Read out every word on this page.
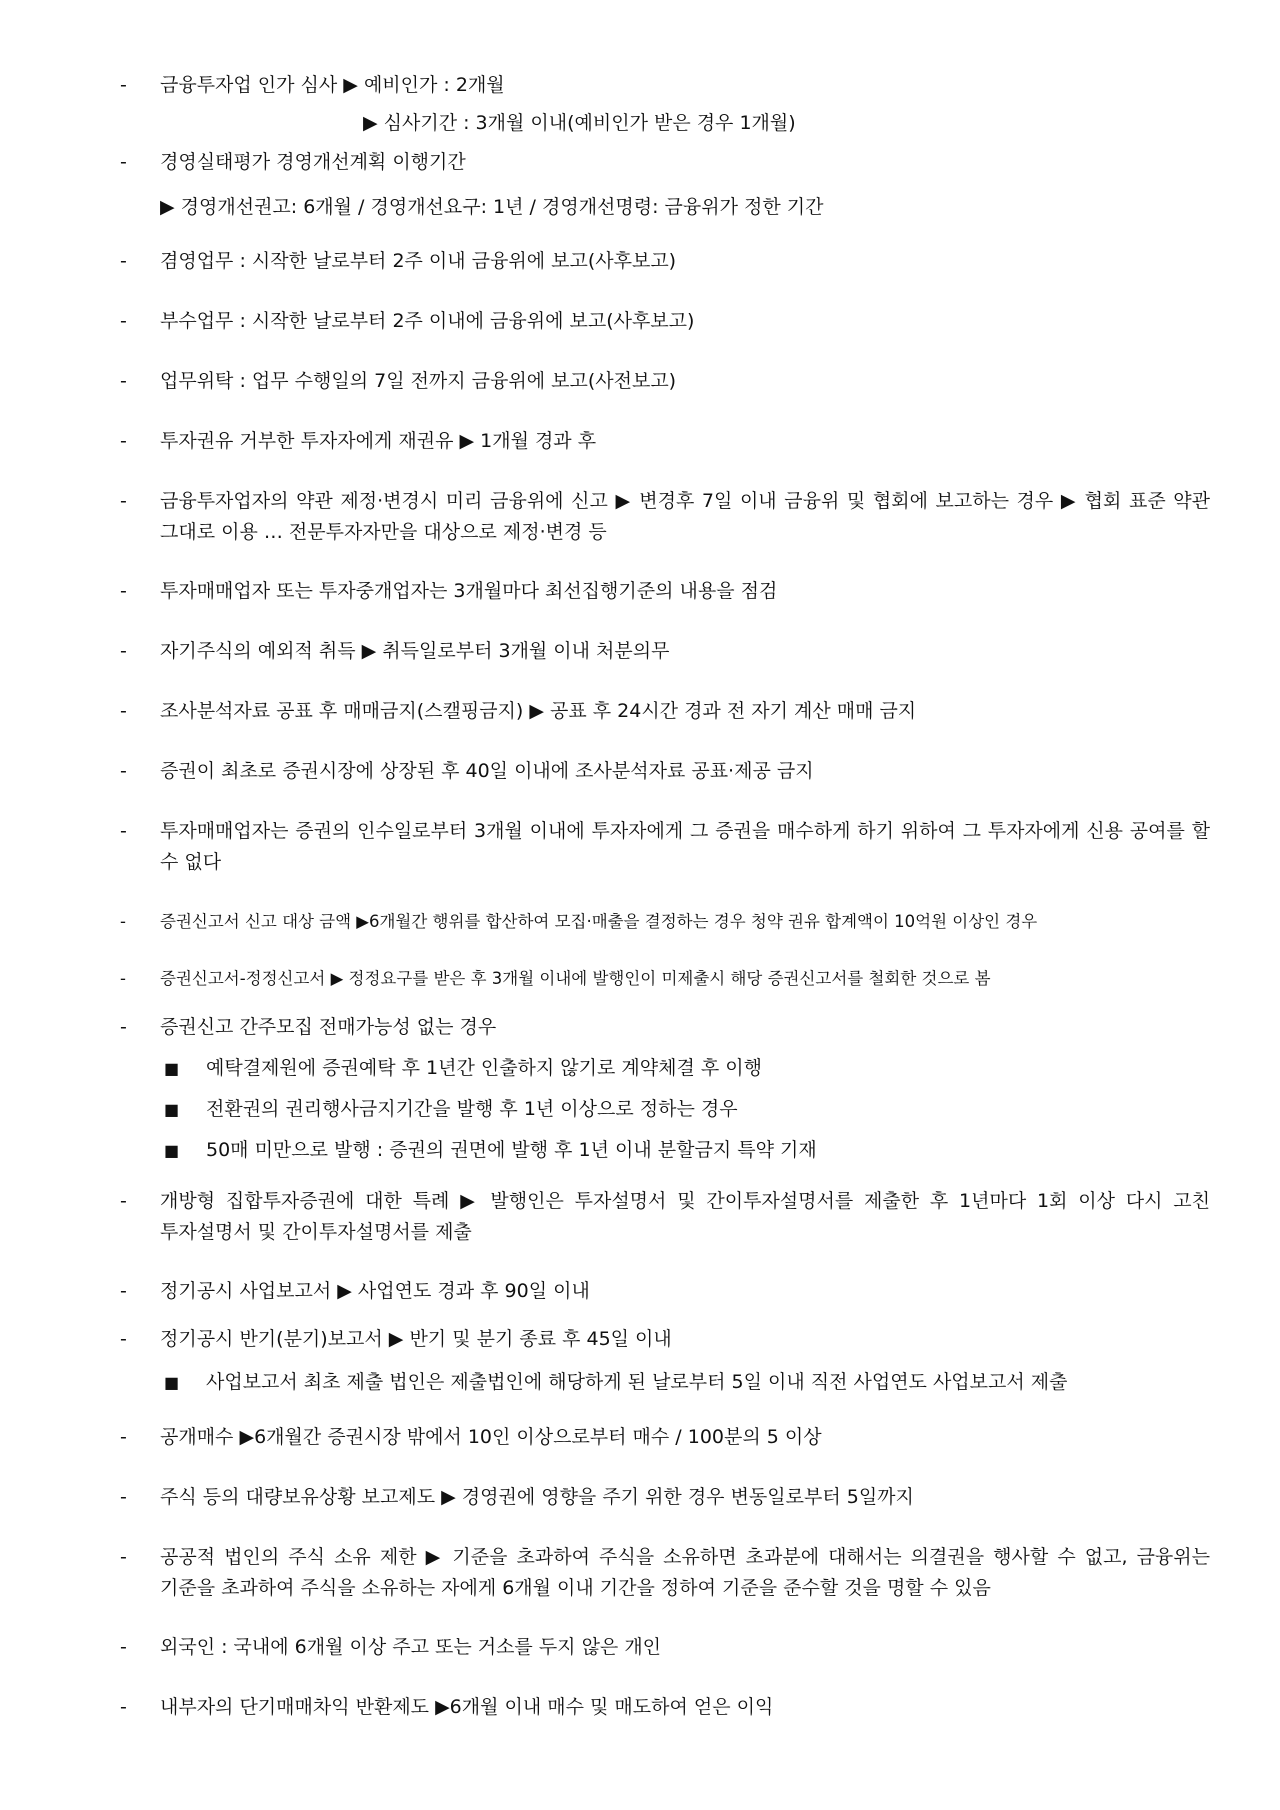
-	금융투자업 인가 심사 ▶ 예비인가 : 2개월
▶ 심사기간 : 3개월 이내(예비인가 받은 경우 1개월)
-	경영실태평가 경영개선계획 이행기간
▶ 경영개선권고: 6개월 / 경영개선요구: 1년 / 경영개선명령: 금융위가 정한 기간
-	겸영업무 : 시작한 날로부터 2주 이내 금융위에 보고(사후보고)
-	부수업무 : 시작한 날로부터 2주 이내에 금융위에 보고(사후보고)
-	업무위탁 : 업무 수행일의 7일 전까지 금융위에 보고(사전보고)
-	투자권유 거부한 투자자에게 재권유 ▶ 1개월 경과 후
-	금융투자업자의 약관 제정·변경시 미리 금융위에 신고 ▶ 변경후 7일 이내 금융위 및 협회에 보고하는 경우 ▶ 협회 표준 약관 그대로 이용 … 전문투자자만을 대상으로 제정·변경 등
-	투자매매업자 또는 투자중개업자는 3개월마다 최선집행기준의 내용을 점검
-	자기주식의 예외적 취득 ▶ 취득일로부터 3개월 이내 처분의무
-	조사분석자료 공표 후 매매금지(스캘핑금지) ▶ 공표 후 24시간 경과 전 자기 계산 매매 금지
-	증권이 최초로 증권시장에 상장된 후 40일 이내에 조사분석자료 공표·제공 금지
-	투자매매업자는 증권의 인수일로부터 3개월 이내에 투자자에게 그 증권을 매수하게 하기 위하여 그 투자자에게 신용 공여를 할 수 없다
-	증권신고서 신고 대상 금액 ▶6개월간 행위를 합산하여 모집·매출을 결정하는 경우 청약 권유 합계액이 10억원 이상인 경우
-	증권신고서-정정신고서 ▶ 정정요구를 받은 후 3개월 이내에 발행인이 미제출시 해당 증권신고서를 철회한 것으로 봄
-	증권신고 간주모집 전매가능성 없는 경우
■ 예탁결제원에 증권예탁 후 1년간 인출하지 않기로 계약체결 후 이행
■ 전환권의 권리행사금지기간을 발행 후 1년 이상으로 정하는 경우
■ 50매 미만으로 발행 : 증권의 권면에 발행 후 1년 이내 분할금지 특약 기재
-	개방형 집합투자증권에 대한 특례 ▶ 발행인은 투자설명서 및 간이투자설명서를 제출한 후 1년마다 1회 이상 다시 고친 투자설명서 및 간이투자설명서를 제출
-	정기공시 사업보고서 ▶ 사업연도 경과 후 90일 이내
-	정기공시 반기(분기)보고서 ▶ 반기 및 분기 종료 후 45일 이내
■ 사업보고서 최초 제출 법인은 제출법인에 해당하게 된 날로부터 5일 이내 직전 사업연도 사업보고서 제출
-	공개매수 ▶6개월간 증권시장 밖에서 10인 이상으로부터 매수 / 100분의 5 이상
-	주식 등의 대량보유상황 보고제도 ▶ 경영권에 영향을 주기 위한 경우 변동일로부터 5일까지
-	공공적 법인의 주식 소유 제한 ▶ 기준을 초과하여 주식을 소유하면 초과분에 대해서는 의결권을 행사할 수 없고, 금융위는 기준을 초과하여 주식을 소유하는 자에게 6개월 이내 기간을 정하여 기준을 준수할 것을 명할 수 있음
-	외국인 : 국내에 6개월 이상 주고 또는 거소를 두지 않은 개인
-	내부자의 단기매매차익 반환제도 ▶6개월 이내 매수 및 매도하여 얻은 이익
